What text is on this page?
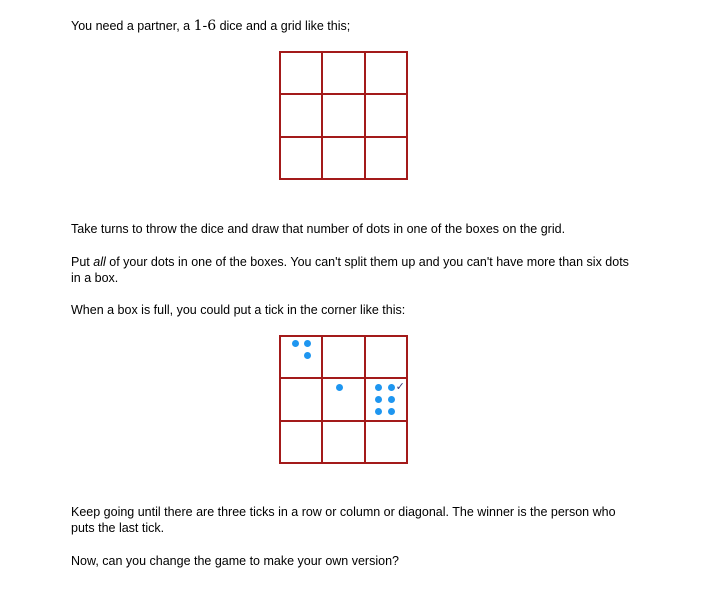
You need a partner, a 1-6 dice and a grid like this;

Take turns to throw the dice and draw that number of dots in one of the boxes on the grid.

Put all of your dots in one of the boxes. You can't split them up and you can't have more than six dots in a box.

When a box is full, you could put a tick in the corner like this:

✓

Keep going until there are three ticks in a row or column or diagonal. The winner is the person who puts the last tick.

Now, can you change the game to make your own version?
